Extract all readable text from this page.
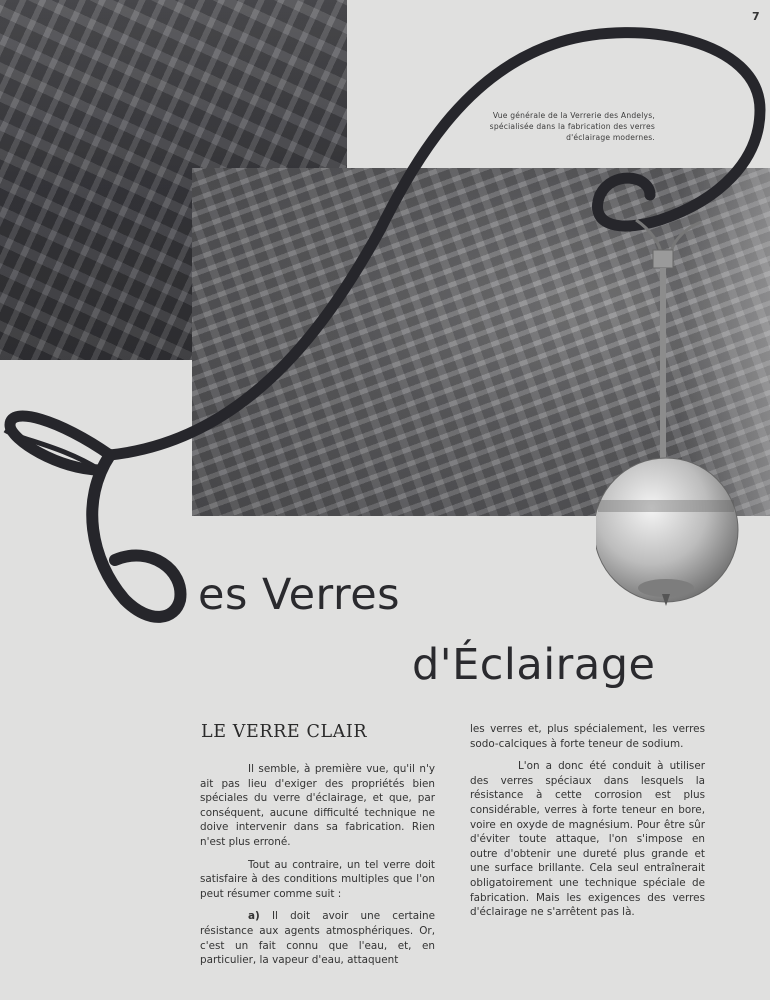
7
Vue générale de la Verrerie des Andelys, spécialisée dans la fabrication des verres d'éclairage modernes.
es Verres
d'Éclairage
LE VERRE CLAIR

Il semble, à première vue, qu'il n'y ait pas lieu d'exiger des propriétés bien spéciales du verre d'éclairage, et que, par conséquent, aucune difficulté technique ne doive intervenir dans sa fabrication. Rien n'est plus erroné.

Tout au contraire, un tel verre doit satisfaire à des conditions multiples que l'on peut résumer comme suit :

a) Il doit avoir une certaine résistance aux agents atmosphériques. Or, c'est un fait connu que l'eau, et, en particulier, la vapeur d'eau, attaquent

les verres et, plus spécialement, les verres sodo-calciques à forte teneur de sodium.

L'on a donc été conduit à utiliser des verres spéciaux dans lesquels la résistance à cette corrosion est plus considérable, verres à forte teneur en bore, voire en oxyde de magnésium. Pour être sûr d'éviter toute attaque, l'on s'impose en outre d'obtenir une dureté plus grande et une surface brillante. Cela seul entraînerait obligatoirement une technique spéciale de fabrication. Mais les exigences des verres d'éclairage ne s'arrêtent pas là.
